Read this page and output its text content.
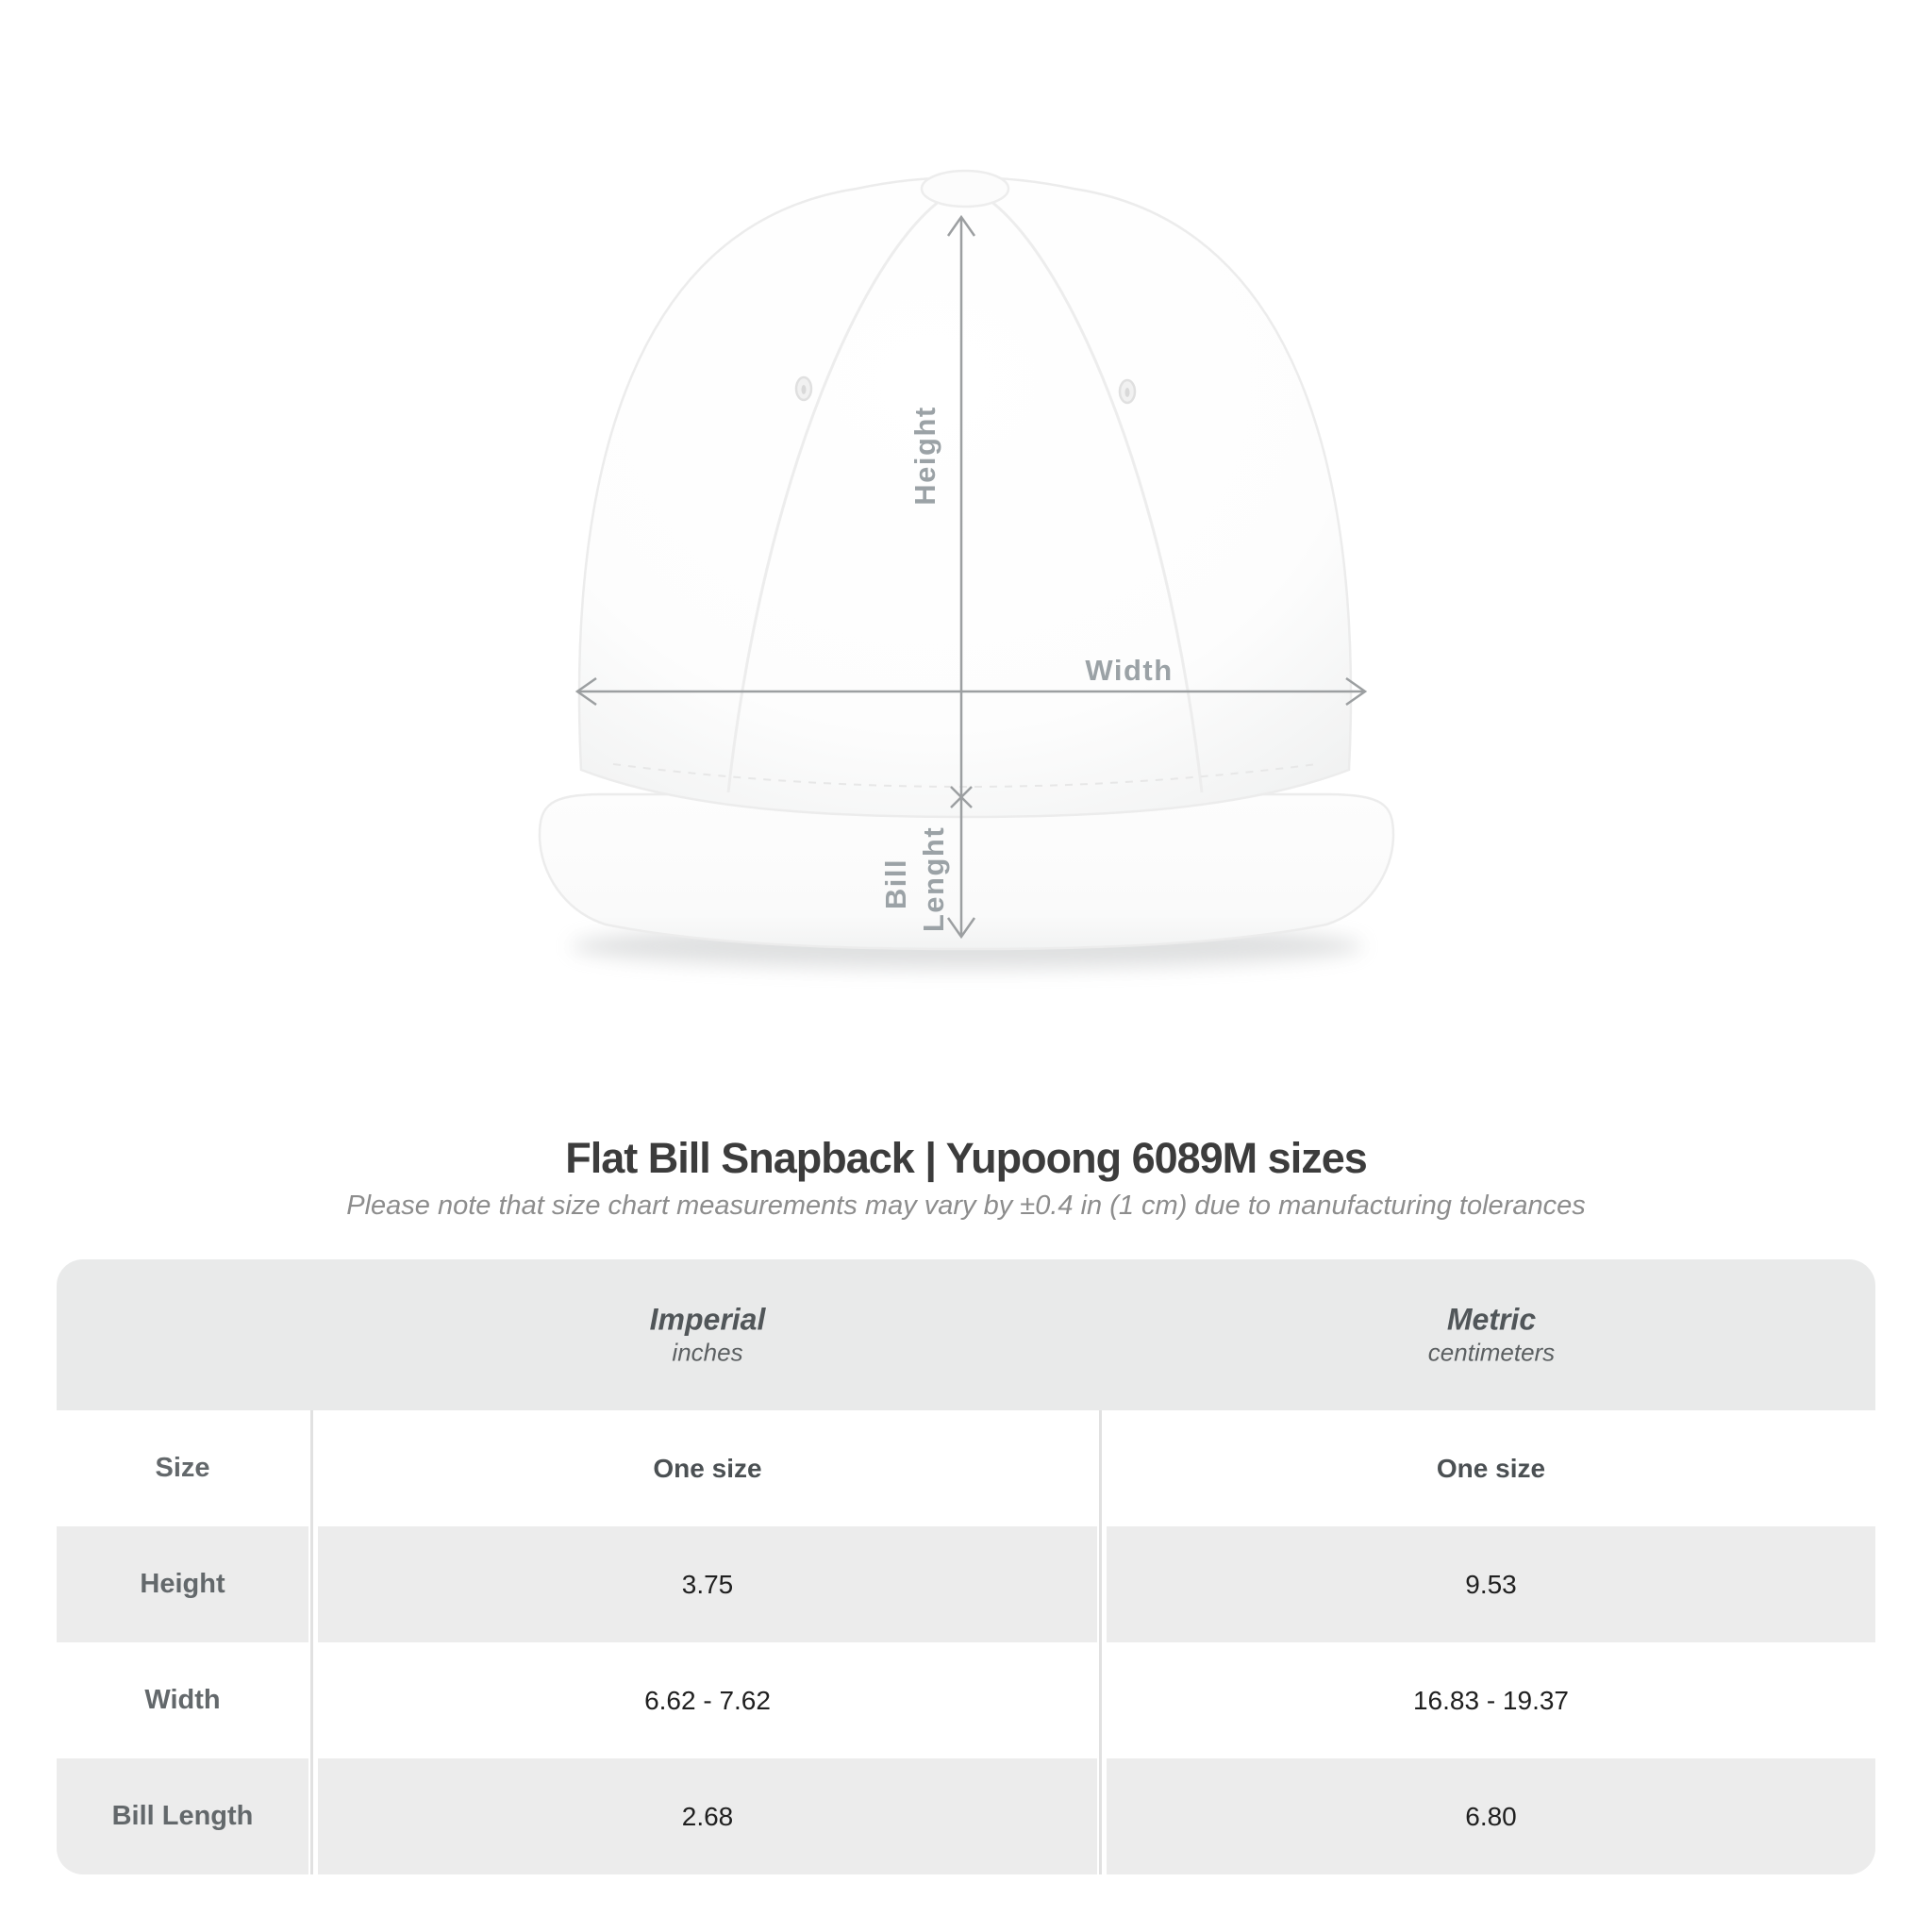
Height
Width
Bill Lenght
Flat Bill Snapback | Yupoong 6089M sizes
Please note that size chart measurements may vary by ±0.4 in (1 cm) due to manufacturing tolerances
Imperial
inches
Metric
centimeters
Size	One size	One size
Height	3.75	9.53
Width	6.62 - 7.62	16.83 - 19.37
Bill Length	2.68	6.80
